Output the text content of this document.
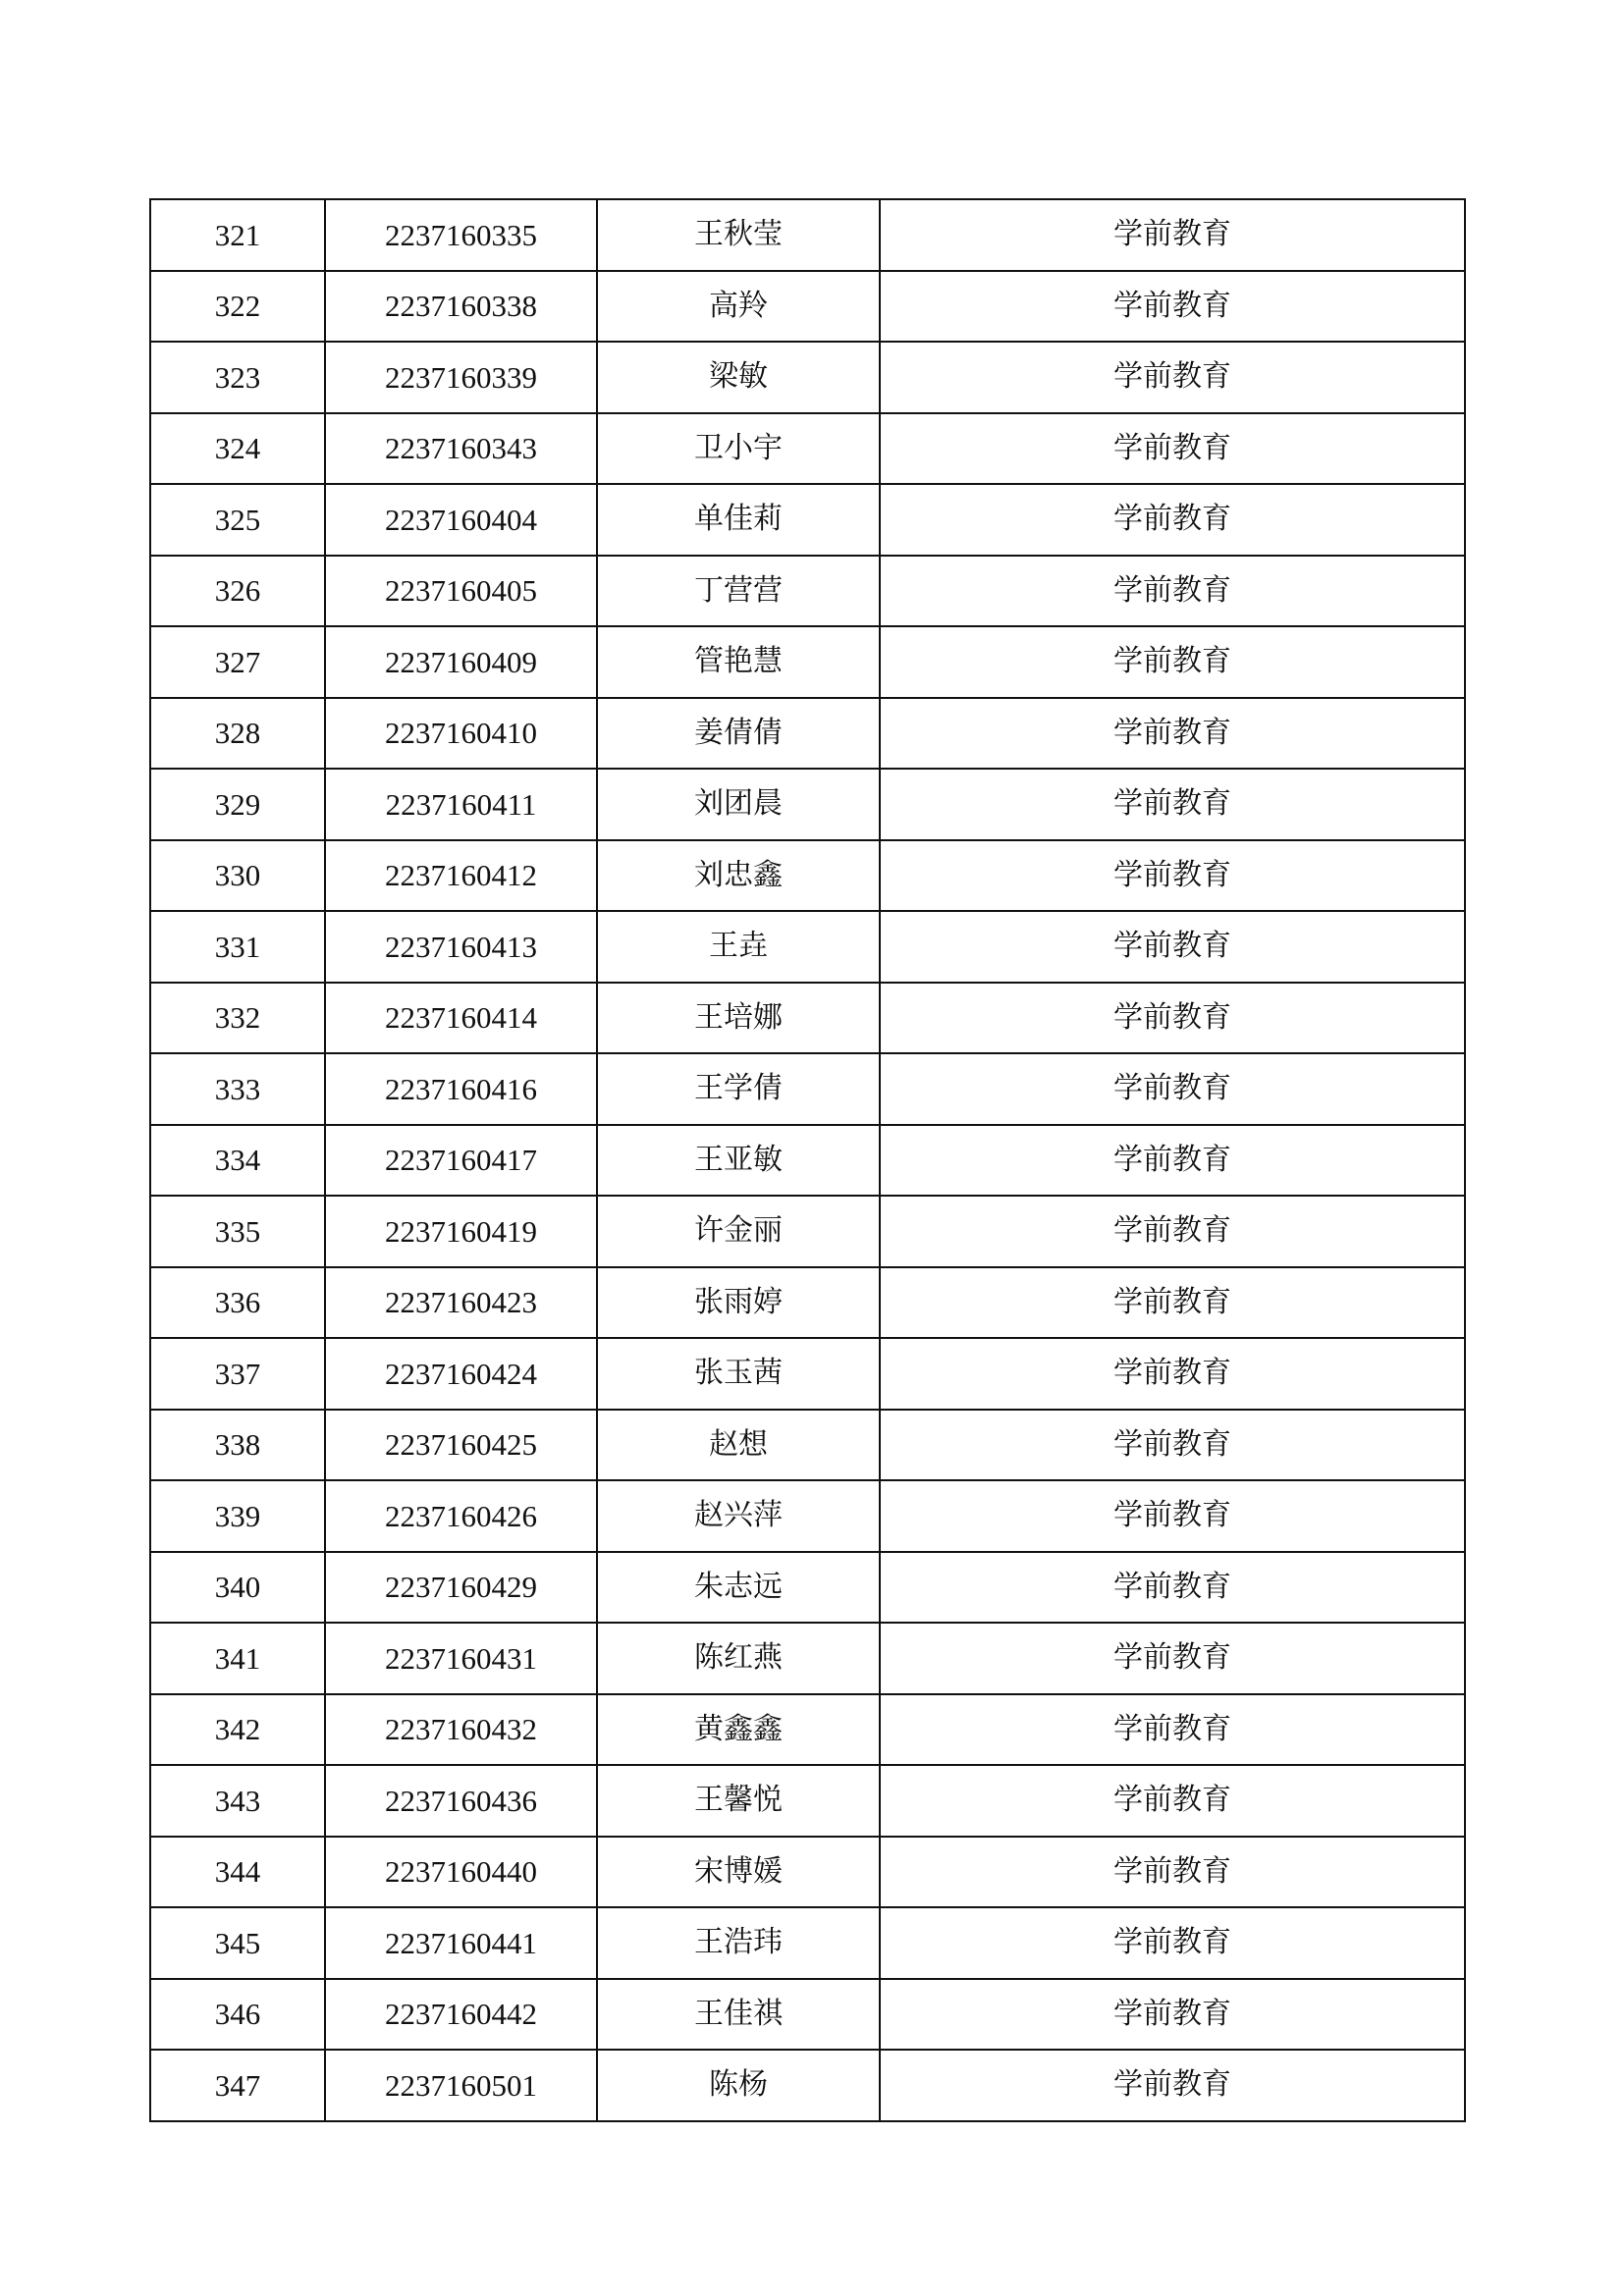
321	2237160335	王秋莹	学前教育
322	2237160338	高羚	学前教育
323	2237160339	梁敏	学前教育
324	2237160343	卫小宇	学前教育
325	2237160404	单佳莉	学前教育
326	2237160405	丁营营	学前教育
327	2237160409	管艳慧	学前教育
328	2237160410	姜倩倩	学前教育
329	2237160411	刘团晨	学前教育
330	2237160412	刘忠鑫	学前教育
331	2237160413	王垚	学前教育
332	2237160414	王培娜	学前教育
333	2237160416	王学倩	学前教育
334	2237160417	王亚敏	学前教育
335	2237160419	许金丽	学前教育
336	2237160423	张雨婷	学前教育
337	2237160424	张玉茜	学前教育
338	2237160425	赵想	学前教育
339	2237160426	赵兴萍	学前教育
340	2237160429	朱志远	学前教育
341	2237160431	陈红燕	学前教育
342	2237160432	黄鑫鑫	学前教育
343	2237160436	王馨悦	学前教育
344	2237160440	宋博媛	学前教育
345	2237160441	王浩玮	学前教育
346	2237160442	王佳祺	学前教育
347	2237160501	陈杨	学前教育
